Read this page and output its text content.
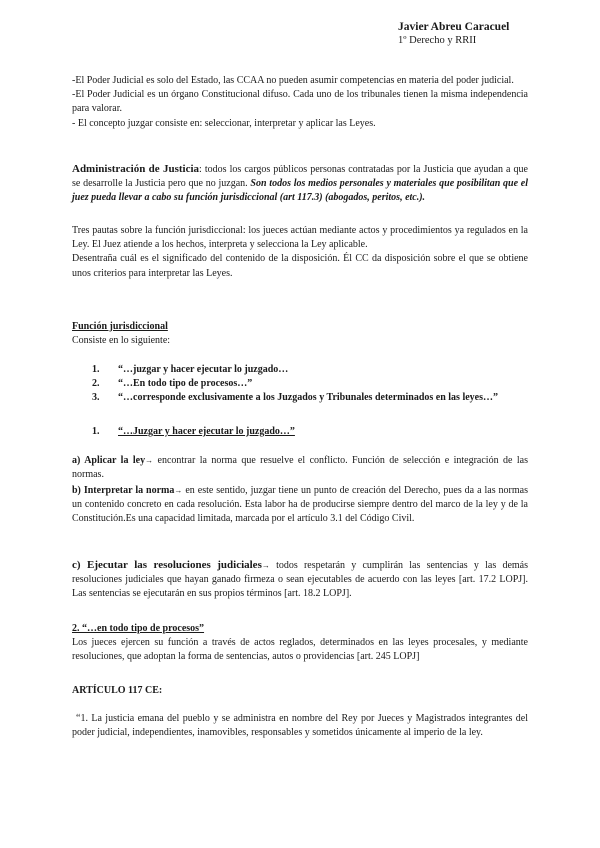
Javier Abreu Caracuel
1º Derecho y RRII

-El Poder Judicial es solo del Estado, las CCAA no pueden asumir competencias en materia del poder judicial.

-El Poder Judicial es un órgano Constitucional difuso. Cada uno de los tribunales tienen la misma independencia para valorar.

- El concepto juzgar consiste en: seleccionar, interpretar y aplicar las Leyes.

Administración de Justicia: todos los cargos públicos personas contratadas por la Justicia que ayudan a que se desarrolle la Justicia pero que no juzgan. Son todos los medios personales y materiales que posibilitan que el juez pueda llevar a cabo su función jurisdiccional (art 117.3) (abogados, peritos, etc.).

Tres pautas sobre la función jurisdiccional: los jueces actúan mediante actos y procedimientos ya regulados en la Ley. El Juez atiende a los hechos, interpreta y selecciona la Ley aplicable.

Desentraña cuál es el significado del contenido de la disposición. Él CC da disposición sobre el que se obtiene unos criterios para interpretar las Leyes.

Función jurisdiccional

Consiste en lo siguiente:

1. “…juzgar y hacer ejecutar lo juzgado…
2. “…En todo tipo de procesos…”
3. “…corresponde exclusivamente a los Juzgados y Tribunales determinados en las leyes…”
1. “…Juzgar y hacer ejecutar lo juzgado…”

a) Aplicar la ley→ encontrar la norma que resuelve el conflicto. Función de selección e integración de las normas.

b) Interpretar la norma→ en este sentido, juzgar tiene un punto de creación del Derecho, pues da a las normas un contenido concreto en cada resolución. Esta labor ha de producirse siempre dentro del marco de la ley y de la Constitución.Es una capacidad limitada, marcada por el artículo 3.1 del Código Civil.

c) Ejecutar las resoluciones judiciales→ todos respetarán y cumplirán las sentencias y las demás resoluciones judiciales que hayan ganado firmeza o sean ejecutables de acuerdo con las leyes [art. 17.2 LOPJ]. Las sentencias se ejecutarán en sus propios términos [art. 18.2 LOPJ].

2. “…en todo tipo de procesos”

Los jueces ejercen su función a través de actos reglados, determinados en las leyes procesales, y mediante resoluciones, que adoptan la forma de sentencias, autos o providencias [art. 245 LOPJ]

ARTÍCULO 117 CE:

“1. La justicia emana del pueblo y se administra en nombre del Rey por Jueces y Magistrados integrantes del poder judicial, independientes, inamovibles, responsables y sometidos únicamente al imperio de la ley.
